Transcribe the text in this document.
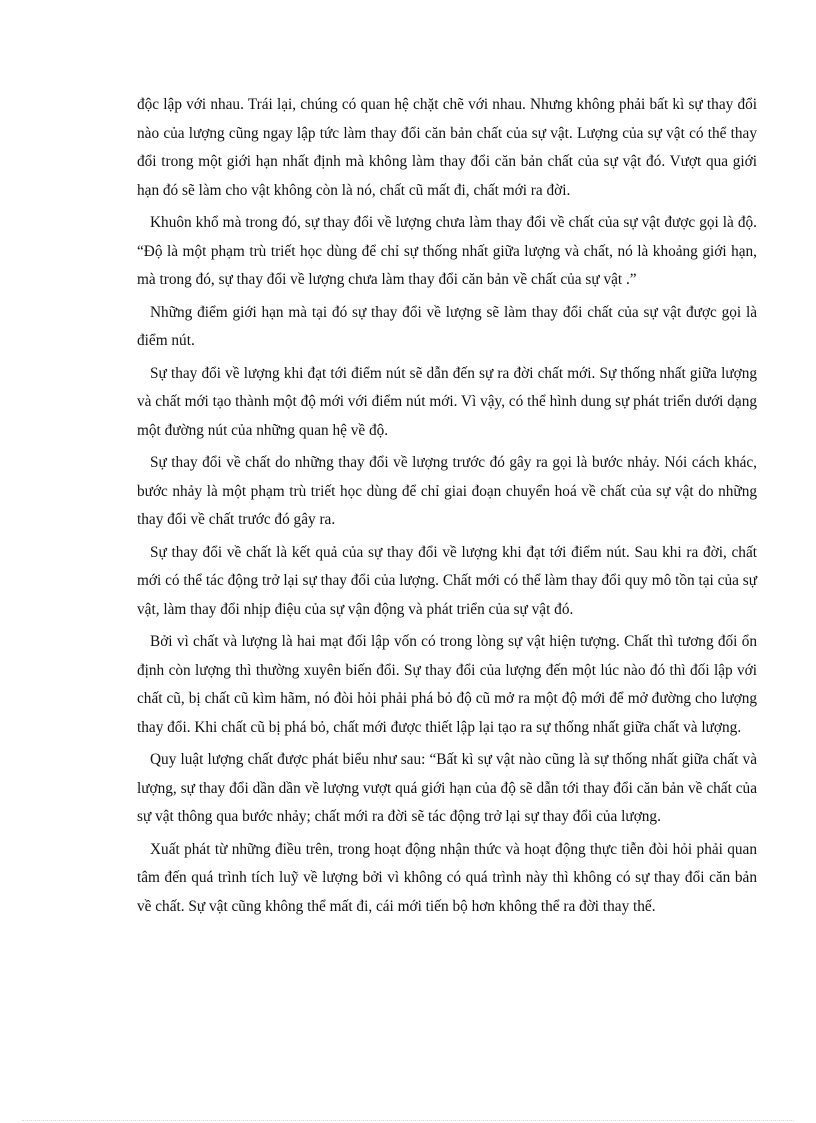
độc lập với nhau. Trái lại, chúng có quan hệ chặt chẽ với nhau. Nhưng không phải bất kì sự thay đổi nào của lượng cũng ngay lập tức làm thay đổi căn bản chất của sự vật. Lượng của sự vật có thể thay đổi trong một giới hạn nhất định mà không làm thay đổi căn bản chất của sự vật đó. Vượt qua giới hạn đó sẽ làm cho vật không còn là nó, chất cũ mất đi, chất mới ra đời.

Khuôn khổ mà trong đó, sự thay đổi về lượng chưa làm thay đổi về chất của sự vật được gọi là độ. “Độ là một phạm trù triết học dùng để chỉ sự thống nhất giữa lượng và chất, nó là khoảng giới hạn, mà trong đó, sự thay đổi về lượng chưa làm thay đổi căn bản về chất của sự vật .”

Những điểm giới hạn mà tại đó sự thay đổi về lượng sẽ làm thay đổi chất của sự vật được gọi là điểm nút.

Sự thay đổi về lượng khi đạt tới điểm nút sẽ dẫn đến sự ra đời chất mới. Sự thống nhất giữa lượng và chất mới tạo thành một độ mới với điểm nút mới. Vì vậy, có thể hình dung sự phát triển dưới dạng một đường nút của những quan hệ về độ.

Sự thay đổi về chất do những thay đổi về lượng trước đó gây ra gọi là bước nhảy. Nói cách khác, bước nhảy là một phạm trù triết học dùng để chỉ giai đoạn chuyển hoá về chất của sự vật do những thay đổi về chất trước đó gây ra.

Sự thay đổi về chất là kết quả của sự thay đổi về lượng khi đạt tới điểm nút. Sau khi ra đời, chất mới có thể tác động trở lại sự thay đổi của lượng. Chất mới có thể làm thay đổi quy mô tồn tại của sự vật, làm thay đổi nhịp điệu của sự vận động và phát triển của sự vật đó.

Bởi vì chất và lượng là hai mạt đối lập vốn có trong lòng sự vật hiện tượng. Chất thì tương đối ổn định còn lượng thì thường xuyên biến đổi. Sự thay đổi của lượng đến một lúc nào đó thì đối lập với chất cũ, bị chất cũ kìm hãm, nó đòi hỏi phải phá bỏ độ cũ mở ra một độ mới để mở đường cho lượng thay đổi. Khi chất cũ bị phá bỏ, chất mới được thiết lập lại tạo ra sự thống nhất giữa chất và lượng.

Quy luật lượng chất được phát biểu như sau: “Bất kì sự vật nào cũng là sự thống nhất giữa chất và lượng, sự thay đổi dần dần về lượng vượt quá giới hạn của độ sẽ dẫn tới thay đổi căn bản về chất của sự vật thông qua bước nhảy; chất mới ra đời sẽ tác động trở lại sự thay đổi của lượng.

Xuất phát từ những điều trên, trong hoạt động nhận thức và hoạt động thực tiễn đòi hỏi phải quan tâm đến quá trình tích luỹ về lượng bởi vì không có quá trình này thì không có sự thay đổi căn bản về chất. Sự vật cũng không thể mất đi, cái mới tiến bộ hơn không thể ra đời thay thế.
